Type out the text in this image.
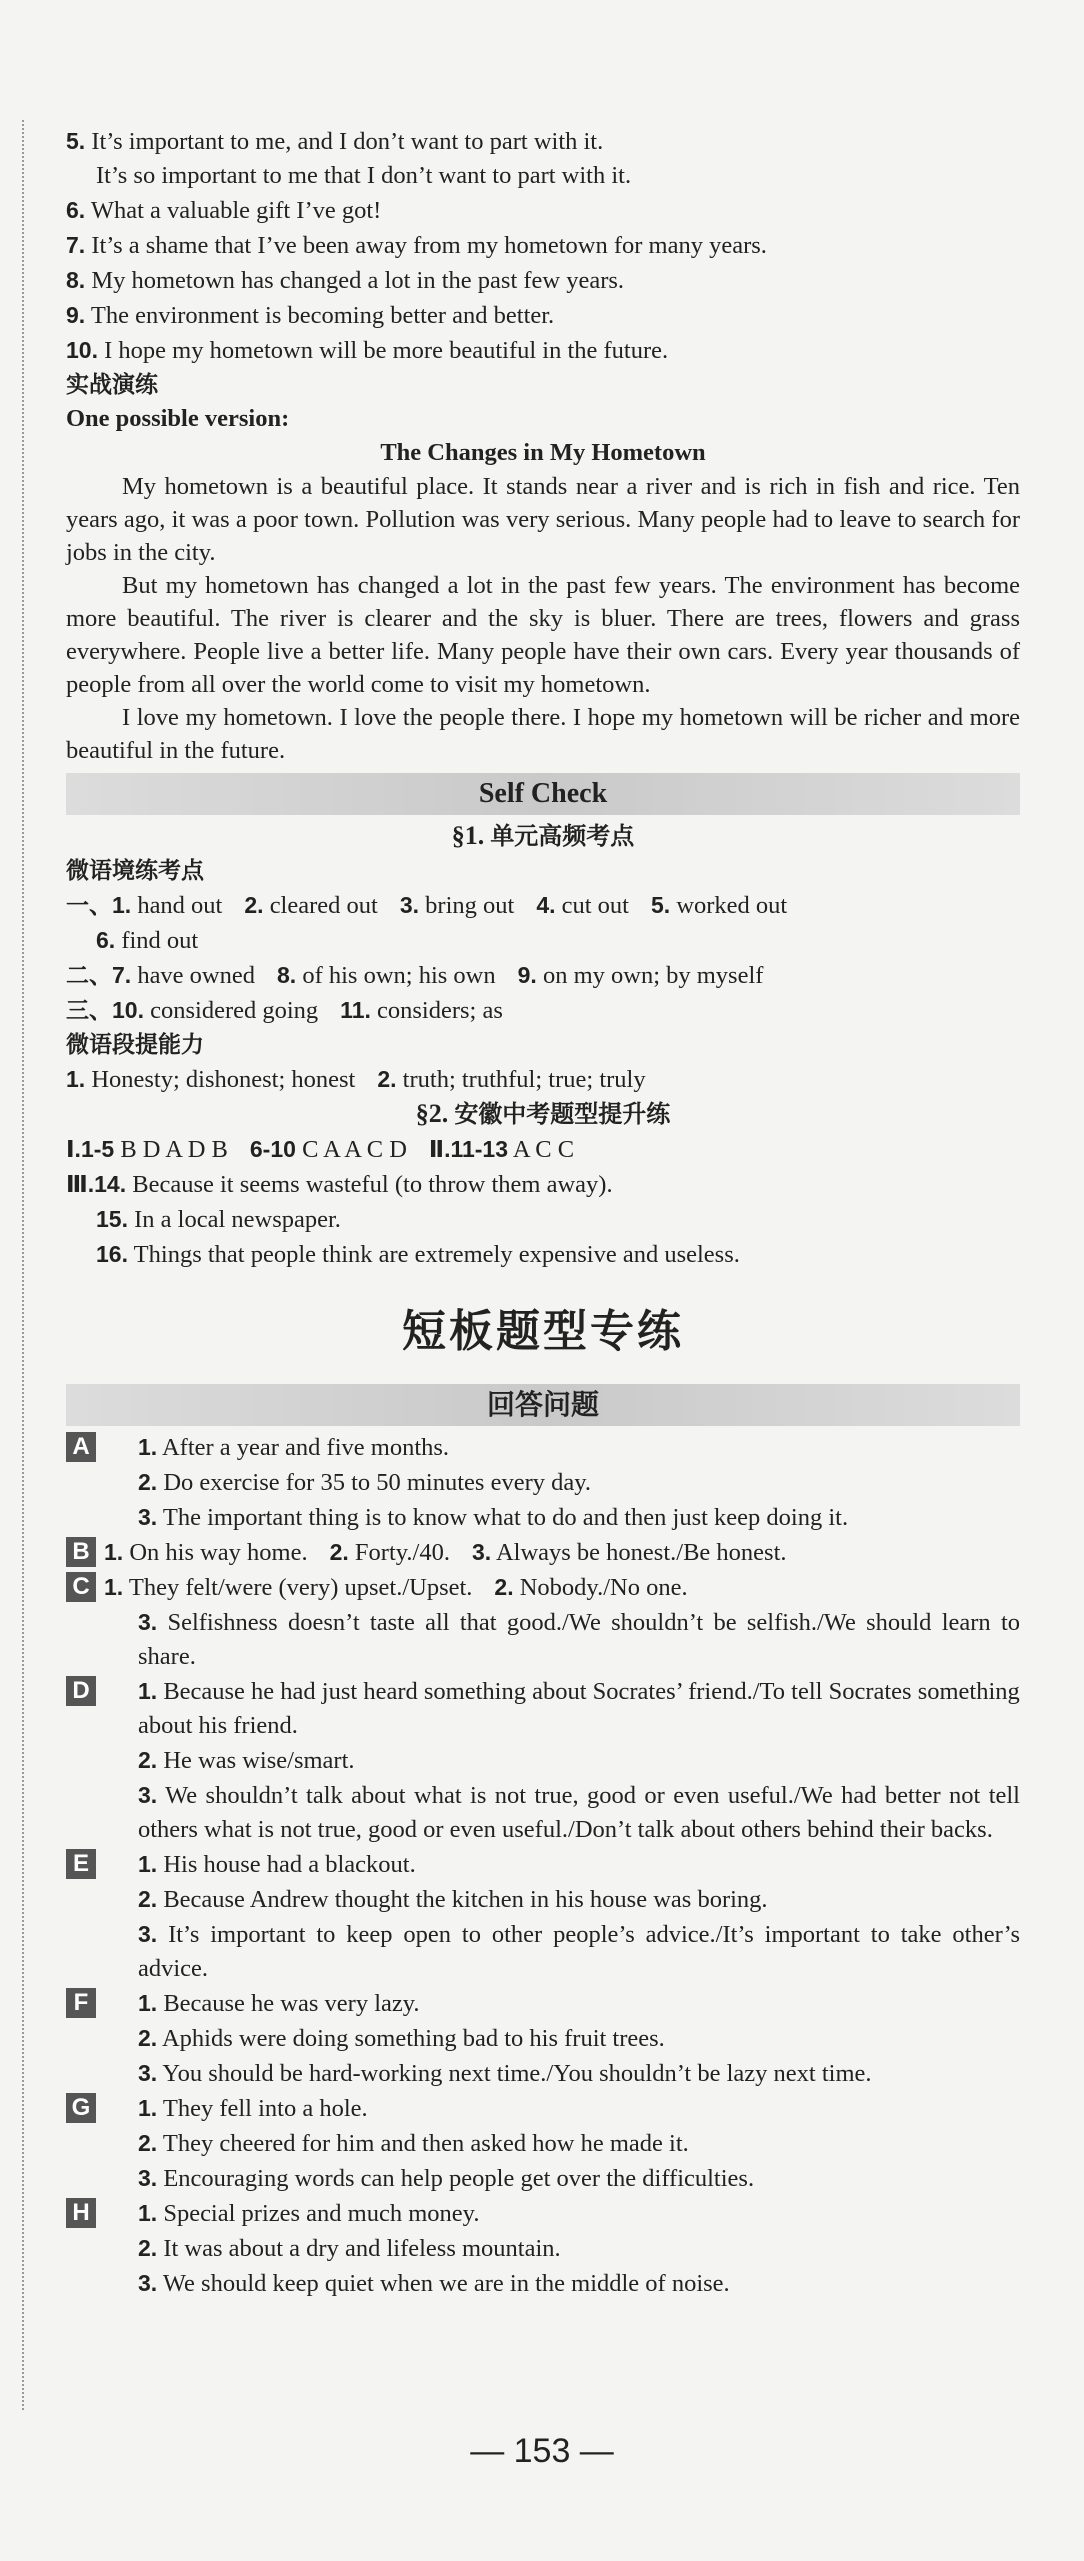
5. It’s important to me, and I don’t want to part with it.
It’s so important to me that I don’t want to part with it.
6. What a valuable gift I’ve got!
7. It’s a shame that I’ve been away from my hometown for many years.
8. My hometown has changed a lot in the past few years.
9. The environment is becoming better and better.
10. I hope my hometown will be more beautiful in the future.
实战演练
One possible version:
The Changes in My Hometown
My hometown is a beautiful place. It stands near a river and is rich in fish and rice. Ten years ago, it was a poor town. Pollution was very serious. Many people had to leave to search for jobs in the city.
But my hometown has changed a lot in the past few years. The environment has become more beautiful. The river is clearer and the sky is bluer. There are trees, flowers and grass everywhere. People live a better life. Many people have their own cars. Every year thousands of people from all over the world come to visit my hometown.
I love my hometown. I love the people there. I hope my hometown will be richer and more beautiful in the future.
Self Check
§1. 单元高频考点
微语境练考点
一、1. hand out 2. cleared out 3. bring out 4. cut out 5. worked out
6. find out
二、7. have owned 8. of his own; his own 9. on my own; by myself
三、10. considered going 11. considers; as
微语段提能力
1. Honesty; dishonest; honest 2. truth; truthful; true; truly
§2. 安徽中考题型提升练
Ⅰ.1-5 B D A D B 6-10 C A A C D Ⅱ.11-13 A C C
Ⅲ.14. Because it seems wasteful (to throw them away).
15. In a local newspaper.
16. Things that people think are extremely expensive and useless.
短板题型专练
回答问题
A 1. After a year and five months.
2. Do exercise for 35 to 50 minutes every day.
3. The important thing is to know what to do and then just keep doing it.
B 1. On his way home. 2. Forty./40. 3. Always be honest./Be honest.
C 1. They felt/were (very) upset./Upset. 2. Nobody./No one.
3. Selfishness doesn’t taste all that good./We shouldn’t be selfish./We should learn to share.
D 1. Because he had just heard something about Socrates’ friend./To tell Socrates something about his friend.
2. He was wise/smart.
3. We shouldn’t talk about what is not true, good or even useful./We had better not tell others what is not true, good or even useful./Don’t talk about others behind their backs.
E	1. His house had a blackout.
2. Because Andrew thought the kitchen in his house was boring.
3. It’s important to keep open to other people’s advice./It’s important to take other’s advice.
F	1. Because he was very lazy.
2. Aphids were doing something bad to his fruit trees.
3. You should be hard-working next time./You shouldn’t be lazy next time.
G 1. They fell into a hole.
2. They cheered for him and then asked how he made it.
3. Encouraging words can help people get over the difficulties.
H 1. Special prizes and much money.
2. It was about a dry and lifeless mountain.
3. We should keep quiet when we are in the middle of noise.
— 153 —
